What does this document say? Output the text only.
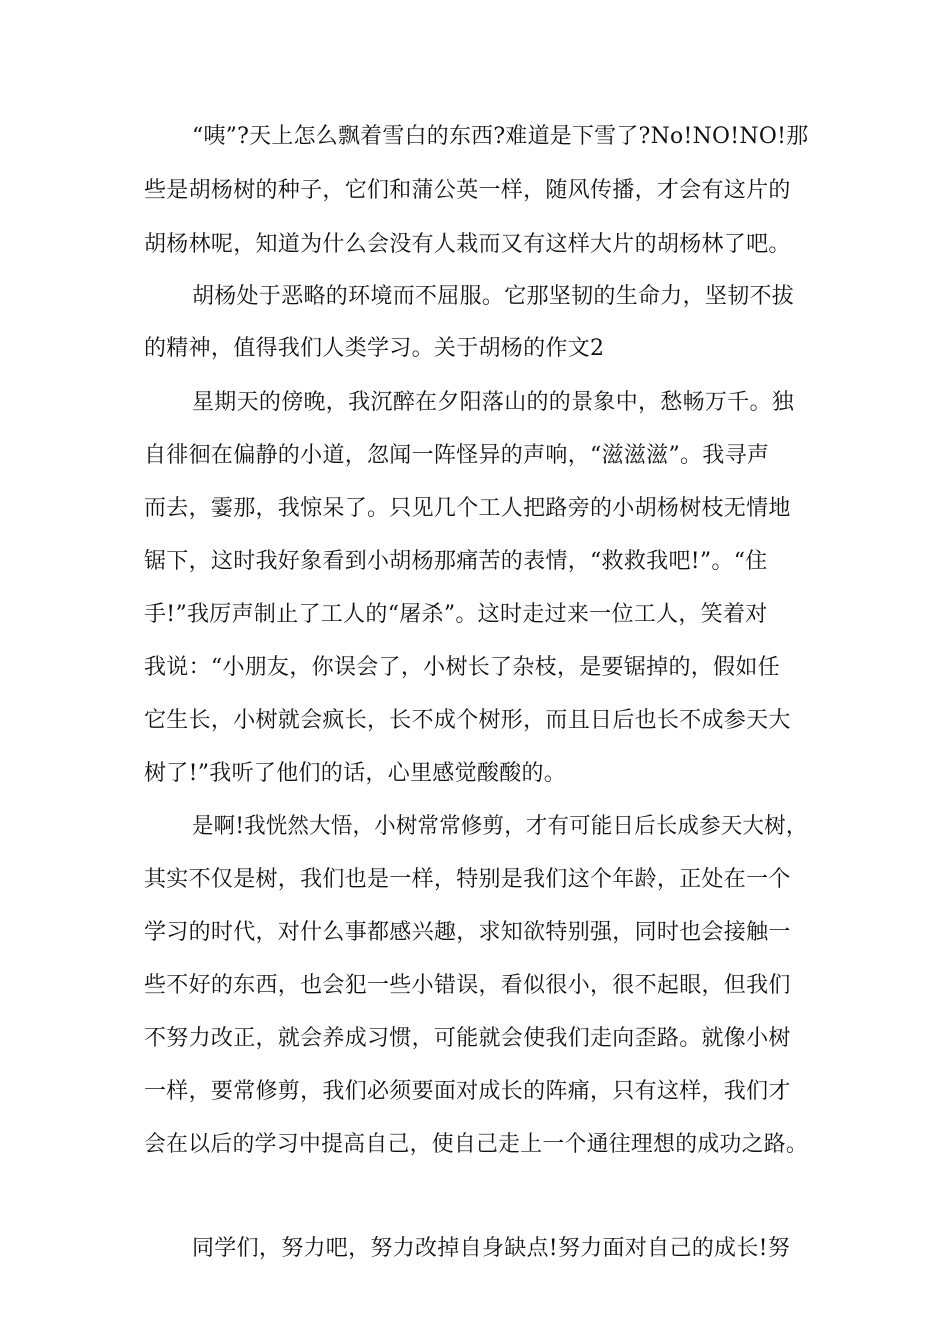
“咦”?天上怎么飘着雪白的东西?难道是下雪了?No!NO!NO!那
些是胡杨树的种子，它们和蒲公英一样，随风传播，才会有这片的
胡杨林呢，知道为什么会没有人栽而又有这样大片的胡杨林了吧。
胡杨处于恶略的环境而不屈服。它那坚韧的生命力，坚韧不拔
的精神，值得我们人类学习。关于胡杨的作文2
星期天的傍晚，我沉醉在夕阳落山的的景象中，愁畅万千。独
自徘徊在偏静的小道，忽闻一阵怪异的声响，“滋滋滋”。我寻声
而去，霎那，我惊呆了。只见几个工人把路旁的小胡杨树枝无情地
锯下，这时我好象看到小胡杨那痛苦的表情，“救救我吧!”。“住
手!”我厉声制止了工人的“屠杀”。这时走过来一位工人，笑着对
我说：“小朋友，你误会了，小树长了杂枝，是要锯掉的，假如任
它生长，小树就会疯长，长不成个树形，而且日后也长不成参天大
树了!”我听了他们的话，心里感觉酸酸的。
是啊!我恍然大悟，小树常常修剪，才有可能日后长成参天大树，
其实不仅是树，我们也是一样，特别是我们这个年龄，正处在一个
学习的时代，对什么事都感兴趣，求知欲特别强，同时也会接触一
些不好的东西，也会犯一些小错误，看似很小，很不起眼，但我们
不努力改正，就会养成习惯，可能就会使我们走向歪路。就像小树
一样，要常修剪，我们必须要面对成长的阵痛，只有这样，我们才
会在以后的学习中提高自己，使自己走上一个通往理想的成功之路。
同学们，努力吧，努力改掉自身缺点!努力面对自己的成长!努
